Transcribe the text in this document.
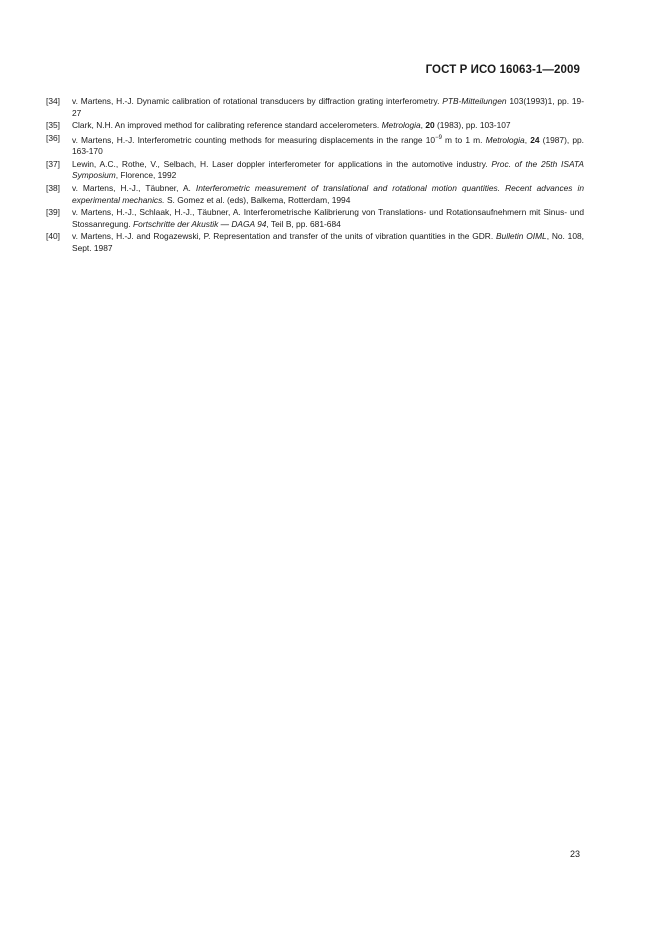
ГОСТ Р ИСО 16063-1—2009
[34]	v. Martens, H.-J. Dynamic calibration of rotational transducers by diffraction grating interferometry. PTB-Mitteilungen 103(1993)1, pp. 19-27
[35]	Clark, N.H. An improved method for calibrating reference standard accelerometers. Metrologia, 20 (1983), pp. 103-107
[36]	v. Martens, H.-J. Interferometric counting methods for measuring displacements in the range $10^{-9}$ m to 1 m. Metrologia, 24 (1987), pp. 163-170
[37]	Lewin, A.C., Rothe, V., Selbach, H. Laser doppler interferometer for applications in the automotive industry. Proc. of the 25th ISATA Symposium, Florence, 1992
[38]	v. Martens, H.-J., Täubner, A. Interferometric measurement of translational and rotational motion quantities. Recent advances in experimental mechanics. S. Gomez et al. (eds), Balkema, Rotterdam, 1994
[39]	v. Martens, H.-J., Schlaak, H.-J., Täubner, A. Interferometrische Kalibrierung von Translations- und Rotationsaufnehmern mit Sinus- und Stossanregung. Fortschritte der Akustik — DAGA 94, Teil B, pp. 681-684
[40]	v. Martens, H.-J. and Rogazewski, P. Representation and transfer of the units of vibration quantities in the GDR. Bulletin OIML, No. 108, Sept. 1987
23
